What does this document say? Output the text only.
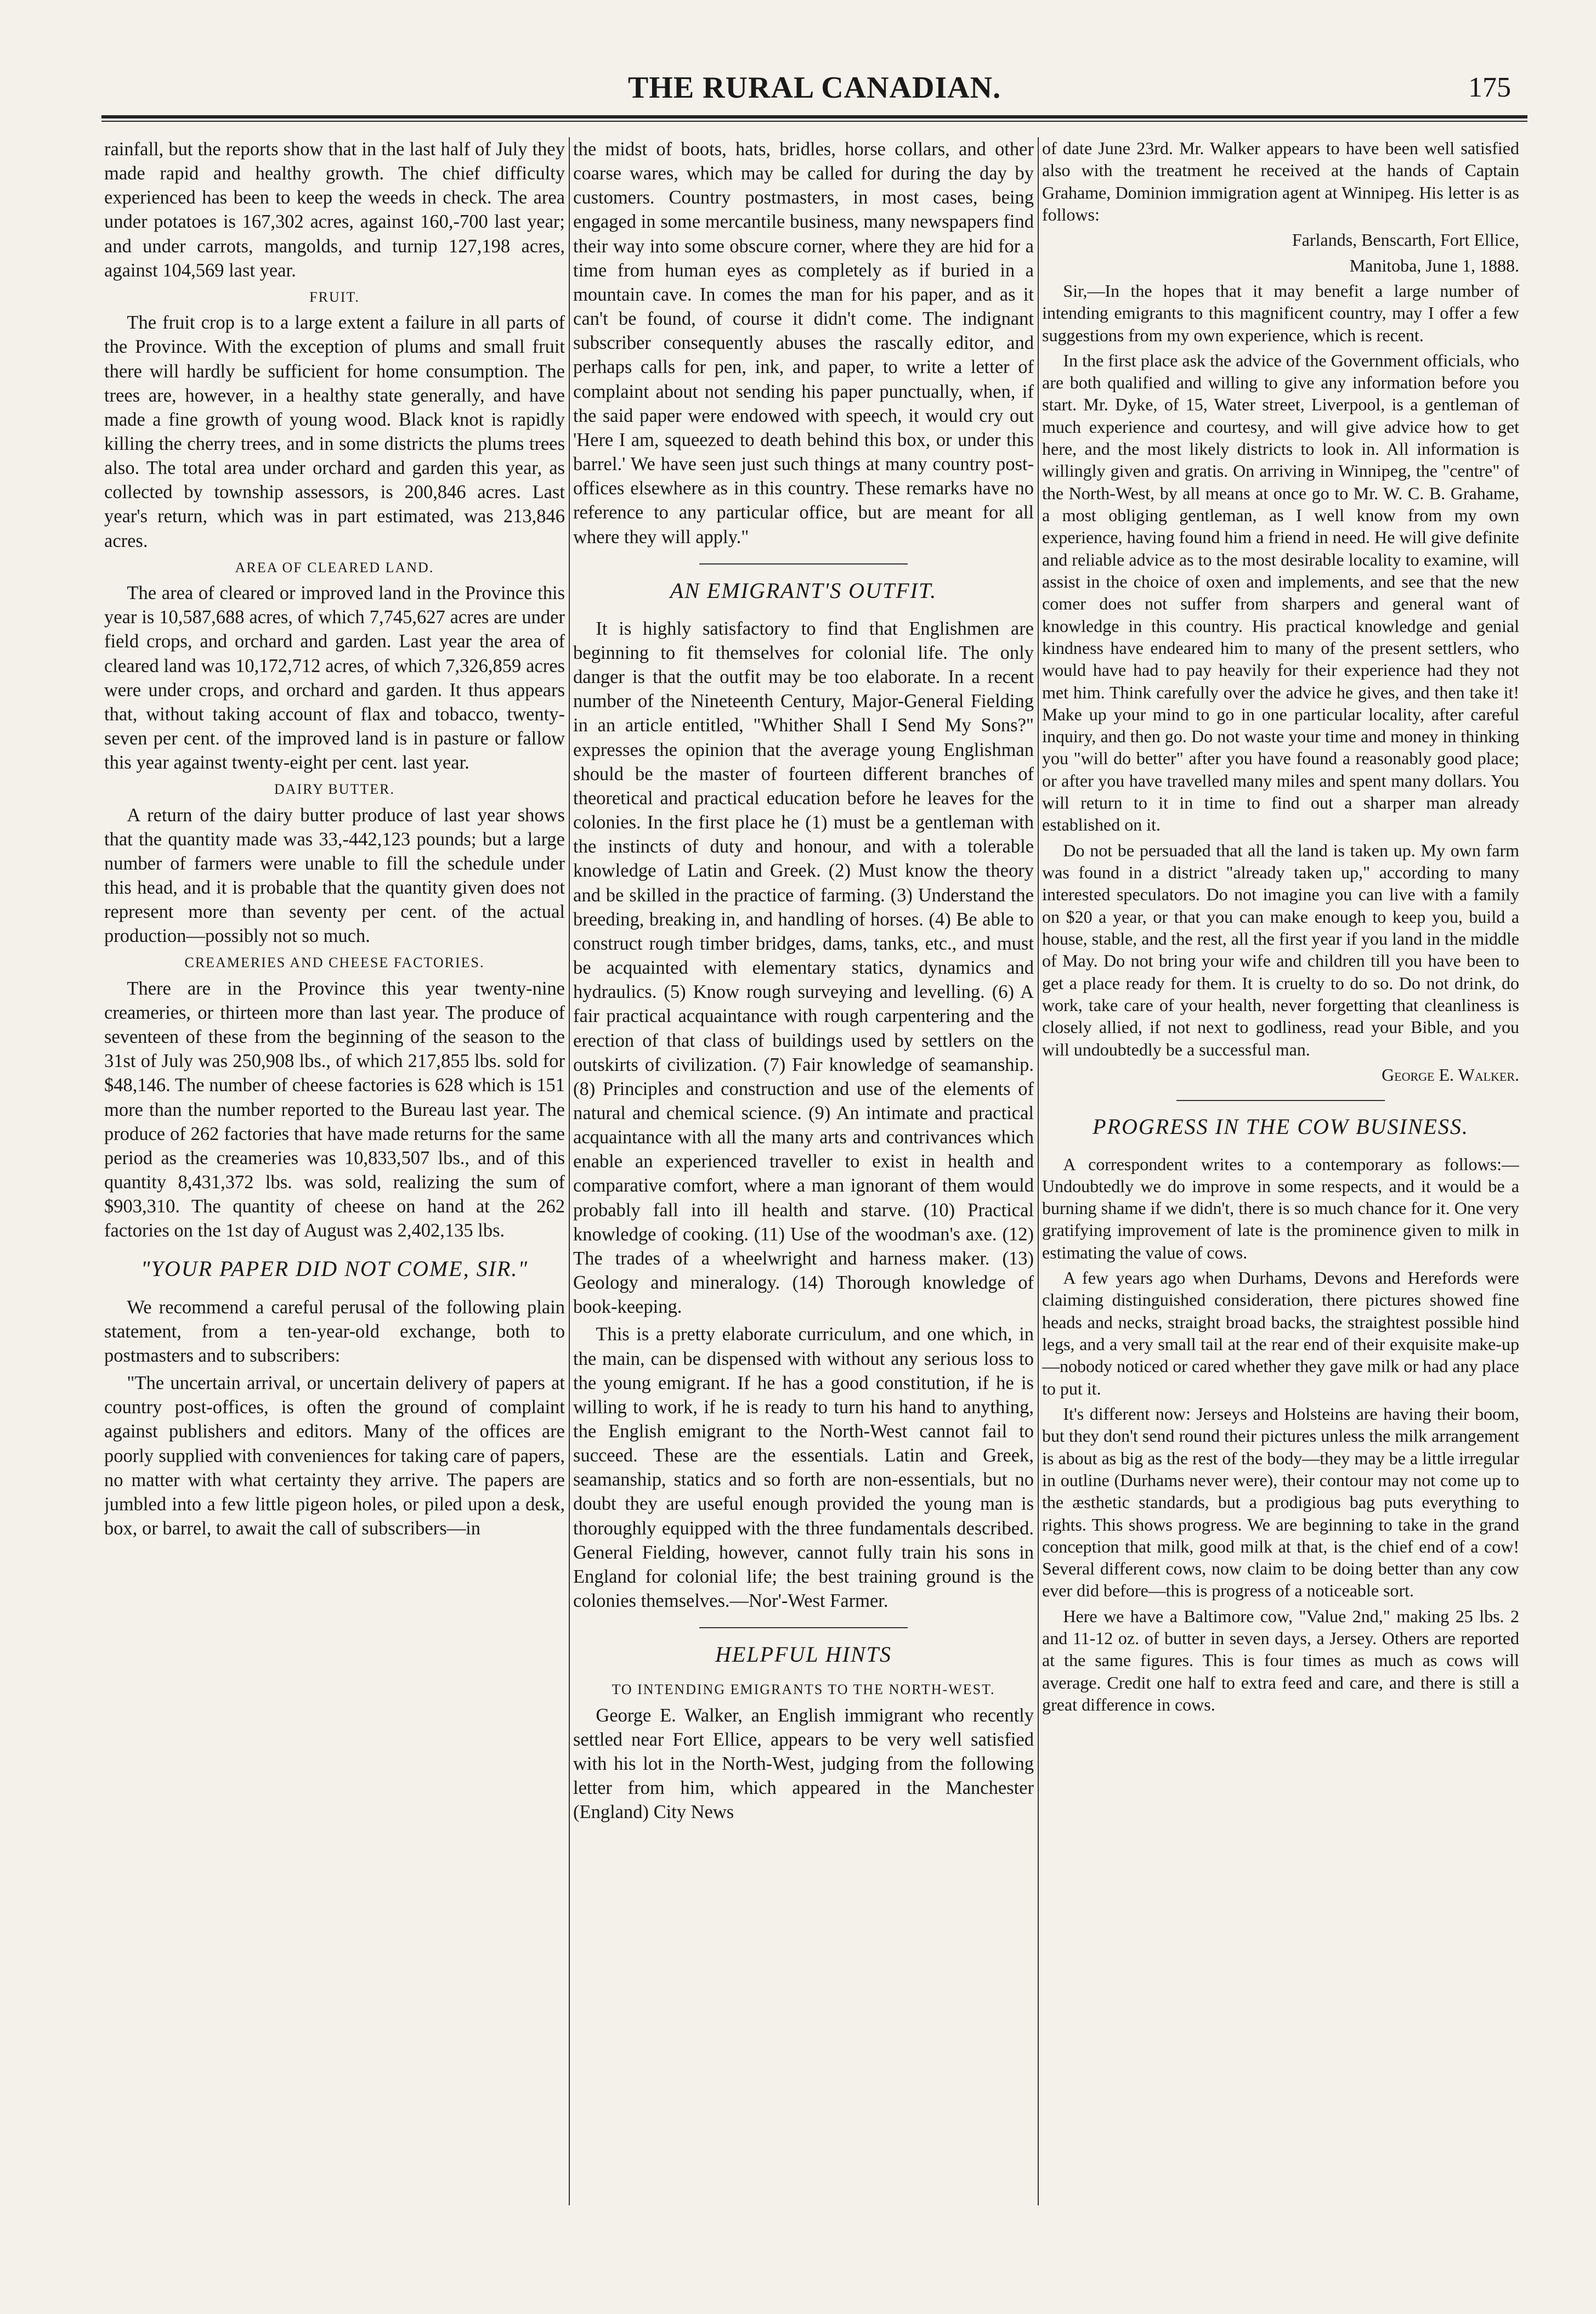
THE RURAL CANADIAN.	175

rainfall, but the reports show that in the last half of July they made rapid and healthy growth. The chief difficulty experienced has been to keep the weeds in check. The area under potatoes is 167,302 acres, against 160,-700 last year; and under carrots, mangolds, and turnip 127,198 acres, against 104,569 last year.

FRUIT.

The fruit crop is to a large extent a failure in all parts of the Province. With the exception of plums and small fruit there will hardly be sufficient for home consumption. The trees are, however, in a healthy state generally, and have made a fine growth of young wood. Black knot is rapidly killing the cherry trees, and in some districts the plums trees also. The total area under orchard and garden this year, as collected by township assessors, is 200,846 acres. Last year's return, which was in part estimated, was 213,846 acres.

AREA OF CLEARED LAND.

The area of cleared or improved land in the Province this year is 10,587,688 acres, of which 7,745,627 acres are under field crops, and orchard and garden. Last year the area of cleared land was 10,172,712 acres, of which 7,326,859 acres were under crops, and orchard and garden. It thus appears that, without taking account of flax and tobacco, twenty-seven per cent. of the improved land is in pasture or fallow this year against twenty-eight per cent. last year.

DAIRY BUTTER.

A return of the dairy butter produce of last year shows that the quantity made was 33,-442,123 pounds; but a large number of farmers were unable to fill the schedule under this head, and it is probable that the quantity given does not represent more than seventy per cent. of the actual production—possibly not so much.

CREAMERIES AND CHEESE FACTORIES.

There are in the Province this year twenty-nine creameries, or thirteen more than last year. The produce of seventeen of these from the beginning of the season to the 31st of July was 250,908 lbs., of which 217,855 lbs. sold for $48,146. The number of cheese factories is 628 which is 151 more than the number reported to the Bureau last year. The produce of 262 factories that have made returns for the same period as the creameries was 10,833,507 lbs., and of this quantity 8,431,372 lbs. was sold, realizing the sum of $903,310. The quantity of cheese on hand at the 262 factories on the 1st day of August was 2,402,135 lbs.

"YOUR PAPER DID NOT COME, SIR."

We recommend a careful perusal of the following plain statement, from a ten-year-old exchange, both to postmasters and to subscribers:

"The uncertain arrival, or uncertain delivery of papers at country post-offices, is often the ground of complaint against publishers and editors. Many of the offices are poorly supplied with conveniences for taking care of papers, no matter with what certainty they arrive. The papers are jumbled into a few little pigeon holes, or piled upon a desk, box, or barrel, to await the call of subscribers—in

the midst of boots, hats, bridles, horse collars, and other coarse wares, which may be called for during the day by customers. Country postmasters, in most cases, being engaged in some mercantile business, many newspapers find their way into some obscure corner, where they are hid for a time from human eyes as completely as if buried in a mountain cave. In comes the man for his paper, and as it can't be found, of course it didn't come. The indignant subscriber consequently abuses the rascally editor, and perhaps calls for pen, ink, and paper, to write a letter of complaint about not sending his paper punctually, when, if the said paper were endowed with speech, it would cry out 'Here I am, squeezed to death behind this box, or under this barrel.' We have seen just such things at many country post-offices elsewhere as in this country. These remarks have no reference to any particular office, but are meant for all where they will apply."

AN EMIGRANT'S OUTFIT.

It is highly satisfactory to find that Englishmen are beginning to fit themselves for colonial life. The only danger is that the outfit may be too elaborate. In a recent number of the Nineteenth Century, Major-General Fielding in an article entitled, "Whither Shall I Send My Sons?" expresses the opinion that the average young Englishman should be the master of fourteen different branches of theoretical and practical education before he leaves for the colonies. In the first place he (1) must be a gentleman with the instincts of duty and honour, and with a tolerable knowledge of Latin and Greek. (2) Must know the theory and be skilled in the practice of farming. (3) Understand the breeding, breaking in, and handling of horses. (4) Be able to construct rough timber bridges, dams, tanks, etc., and must be acquainted with elementary statics, dynamics and hydraulics. (5) Know rough surveying and levelling. (6) A fair practical acquaintance with rough carpentering and the erection of that class of buildings used by settlers on the outskirts of civilization. (7) Fair knowledge of seamanship. (8) Principles and construction and use of the elements of natural and chemical science. (9) An intimate and practical acquaintance with all the many arts and contrivances which enable an experienced traveller to exist in health and comparative comfort, where a man ignorant of them would probably fall into ill health and starve. (10) Practical knowledge of cooking. (11) Use of the woodman's axe. (12) The trades of a wheelwright and harness maker. (13) Geology and mineralogy. (14) Thorough knowledge of book-keeping.

This is a pretty elaborate curriculum, and one which, in the main, can be dispensed with without any serious loss to the young emigrant. If he has a good constitution, if he is willing to work, if he is ready to turn his hand to anything, the English emigrant to the North-West cannot fail to succeed. These are the essentials. Latin and Greek, seamanship, statics and so forth are non-essentials, but no doubt they are useful enough provided the young man is thoroughly equipped with the three fundamentals described. General Fielding, however, cannot fully train his sons in England for colonial life; the best training ground is the colonies themselves.—Nor'-West Farmer.

HELPFUL HINTS
TO INTENDING EMIGRANTS TO THE NORTH-WEST.

George E. Walker, an English immigrant who recently settled near Fort Ellice, appears to be very well satisfied with his lot in the North-West, judging from the following letter from him, which appeared in the Manchester (England) City News

of date June 23rd. Mr. Walker appears to have been well satisfied also with the treatment he received at the hands of Captain Grahame, Dominion immigration agent at Winnipeg. His letter is as follows:

Farlands, Benscarth, Fort Ellice,

Manitoba, June 1, 1888.

Sir,—In the hopes that it may benefit a large number of intending emigrants to this magnificent country, may I offer a few suggestions from my own experience, which is recent.

In the first place ask the advice of the Government officials, who are both qualified and willing to give any information before you start. Mr. Dyke, of 15, Water street, Liverpool, is a gentleman of much experience and courtesy, and will give advice how to get here, and the most likely districts to look in. All information is willingly given and gratis. On arriving in Winnipeg, the "centre" of the North-West, by all means at once go to Mr. W. C. B. Grahame, a most obliging gentleman, as I well know from my own experience, having found him a friend in need. He will give definite and reliable advice as to the most desirable locality to examine, will assist in the choice of oxen and implements, and see that the new comer does not suffer from sharpers and general want of knowledge in this country. His practical knowledge and genial kindness have endeared him to many of the present settlers, who would have had to pay heavily for their experience had they not met him. Think carefully over the advice he gives, and then take it! Make up your mind to go in one particular locality, after careful inquiry, and then go. Do not waste your time and money in thinking you "will do better" after you have found a reasonably good place; or after you have travelled many miles and spent many dollars. You will return to it in time to find out a sharper man already established on it.

Do not be persuaded that all the land is taken up. My own farm was found in a district "already taken up," according to many interested speculators. Do not imagine you can live with a family on $20 a year, or that you can make enough to keep you, build a house, stable, and the rest, all the first year if you land in the middle of May. Do not bring your wife and children till you have been to get a place ready for them. It is cruelty to do so. Do not drink, do work, take care of your health, never forgetting that cleanliness is closely allied, if not next to godliness, read your Bible, and you will undoubtedly be a successful man.

George E. Walker.

PROGRESS IN THE COW BUSINESS.

A correspondent writes to a contemporary as follows:— Undoubtedly we do improve in some respects, and it would be a burning shame if we didn't, there is so much chance for it. One very gratifying improvement of late is the prominence given to milk in estimating the value of cows.

A few years ago when Durhams, Devons and Herefords were claiming distinguished consideration, there pictures showed fine heads and necks, straight broad backs, the straightest possible hind legs, and a very small tail at the rear end of their exquisite make-up—nobody noticed or cared whether they gave milk or had any place to put it.

It's different now: Jerseys and Holsteins are having their boom, but they don't send round their pictures unless the milk arrangement is about as big as the rest of the body—they may be a little irregular in outline (Durhams never were), their contour may not come up to the æsthetic standards, but a prodigious bag puts everything to rights. This shows progress. We are beginning to take in the grand conception that milk, good milk at that, is the chief end of a cow! Several different cows, now claim to be doing better than any cow ever did before—this is progress of a noticeable sort.

Here we have a Baltimore cow, "Value 2nd," making 25 lbs. 2 and 11-12 oz. of butter in seven days, a Jersey. Others are reported at the same figures. This is four times as much as cows will average. Credit one half to extra feed and care, and there is still a great difference in cows.
